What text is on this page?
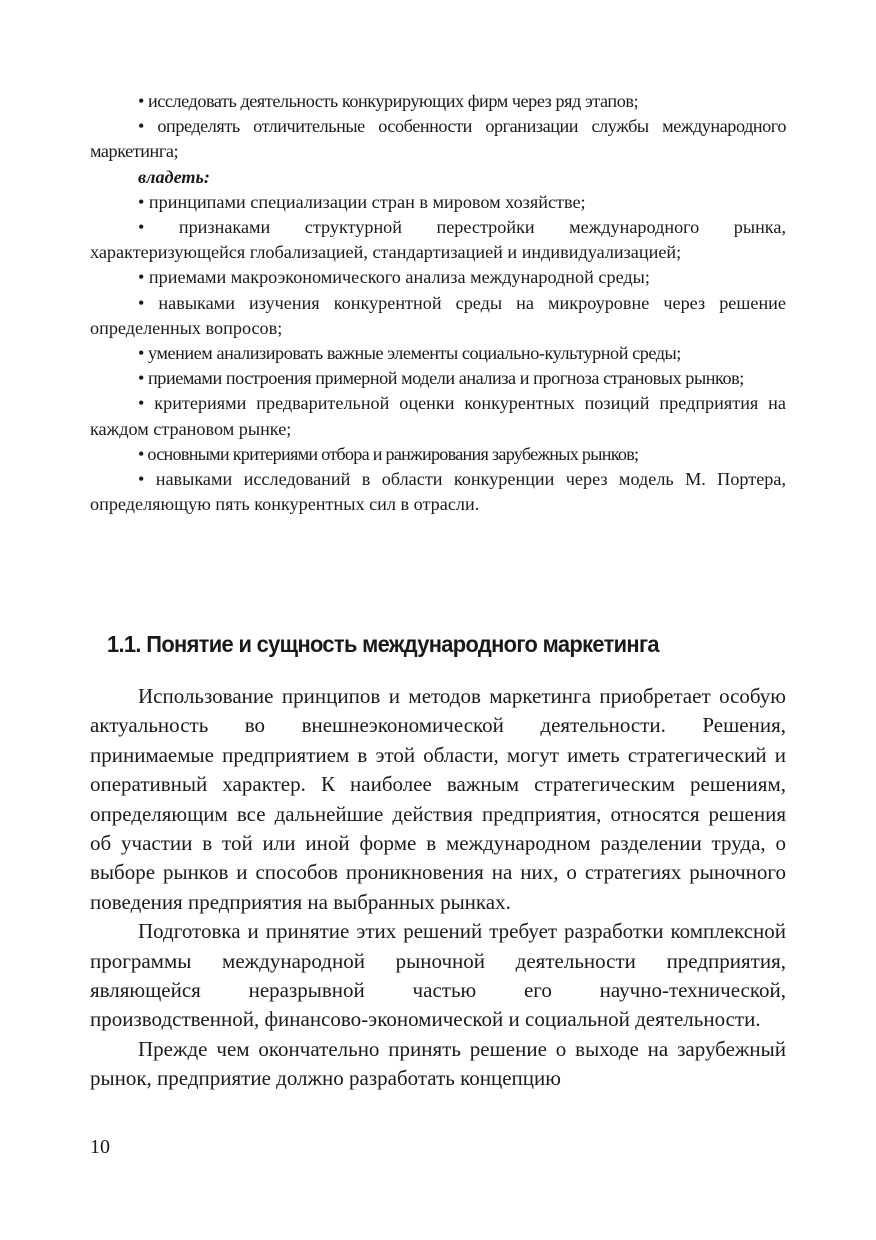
• исследовать деятельность конкурирующих фирм через ряд этапов;

• определять отличительные особенности организации службы международного маркетинга;

владеть:

• принципами специализации стран в мировом хозяйстве;

• признаками структурной перестройки международного рынка, характеризующейся глобализацией, стандартизацией и индивидуализацией;

• приемами макроэкономического анализа международной среды;

• навыками изучения конкурентной среды на микроуровне через решение определенных вопросов;

• умением анализировать важные элементы социально-культурной среды;

• приемами построения примерной модели анализа и прогноза страновых рынков;

• критериями предварительной оценки конкурентных позиций предприятия на каждом страновом рынке;

• основными критериями отбора и ранжирования зарубежных рынков;

• навыками исследований в области конкуренции через модель М. Портера, определяющую пять конкурентных сил в отрасли.

1.1. Понятие и сущность международного маркетинга

Использование принципов и методов маркетинга приобретает особую актуальность во внешнеэкономической деятельности. Решения, принимаемые предприятием в этой области, могут иметь стратегический и оперативный характер. К наиболее важным стратегическим решениям, определяющим все дальнейшие действия предприятия, относятся решения об участии в той или иной форме в международном разделении труда, о выборе рынков и способов проникновения на них, о стратегиях рыночного поведения предприятия на выбранных рынках.

Подготовка и принятие этих решений требует разработки комплексной программы международной рыночной деятельности предприятия, являющейся неразрывной частью его научно-технической, производственной, финансово-экономической и социальной деятельности.

Прежде чем окончательно принять решение о выходе на зарубежный рынок, предприятие должно разработать концепцию

10
